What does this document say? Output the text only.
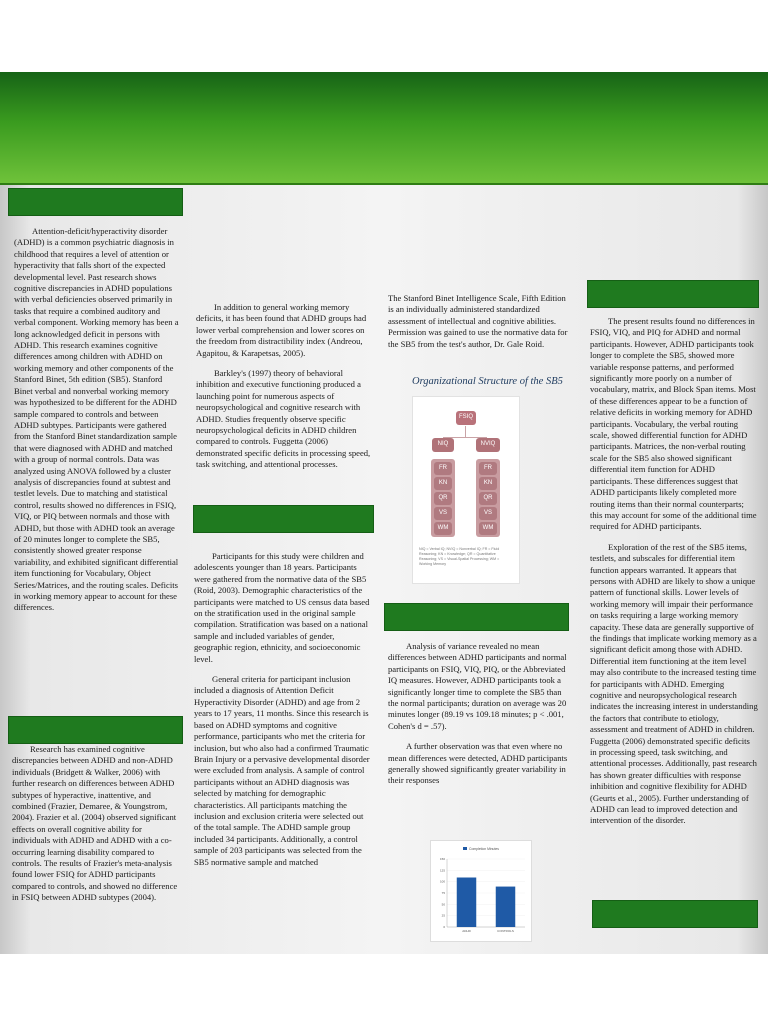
Attention-deficit/hyperactivity disorder (ADHD) is a common psychiatric diagnosis in childhood that requires a level of attention or hyperactivity that falls short of the expected developmental level. Past research shows cognitive discrepancies in ADHD populations with verbal deficiencies observed primarily in tasks that require a combined auditory and verbal component. Working memory has been a long acknowledged deficit in persons with ADHD. This research examines cognitive differences among children with ADHD on working memory and other components of the Stanford Binet, 5th edition (SB5). Stanford Binet verbal and nonverbal working memory was hypothesized to be different for the ADHD sample compared to controls and between ADHD subtypes. Participants were gathered from the Stanford Binet standardization sample that were diagnosed with ADHD and matched with a group of normal controls. Data was analyzed using ANOVA followed by a cluster analysis of discrepancies found at subtest and testlet levels. Due to matching and statistical control, results showed no differences in FSIQ, VIQ, or PIQ between normals and those with ADHD, but those with ADHD took an average of 20 minutes longer to complete the SB5, consistently showed greater response variability, and exhibited significant differential item functioning for Vocabulary, Object Series/Matrices, and the routing scales. Deficits in working memory appear to account for these differences.

Research has examined cognitive discrepancies between ADHD and non-ADHD individuals (Bridgett & Walker, 2006) with further research on differences between ADHD subtypes of hyperactive, inattentive, and combined (Frazier, Demaree, & Youngstrom, 2004). Frazier et al. (2004) observed significant effects on overall cognitive ability for individuals with ADHD and ADHD with a co-occurring learning disability compared to controls. The results of Frazier's meta-analysis found lower FSIQ for ADHD participants compared to controls, and showed no difference in FSIQ between ADHD subtypes (2004).

In addition to general working memory deficits, it has been found that ADHD groups had lower verbal comprehension and lower scores on the freedom from distractibility index (Andreou, Agapitou, & Karapetsas, 2005).

Barkley's (1997) theory of behavioral inhibition and executive functioning produced a launching point for numerous aspects of neuropsychological and cognitive research with ADHD. Studies frequently observe specific neuropsychological deficits in ADHD children compared to controls. Fuggetta (2006) demonstrated specific deficits in processing speed, task switching, and attentional processes.

Participants for this study were children and adolescents younger than 18 years. Participants were gathered from the normative data of the SB5 (Roid, 2003). Demographic characteristics of the participants were matched to US census data based on the stratification used in the original sample compilation. Stratification was based on a national sample and included variables of gender, geographic region, ethnicity, and socioeconomic level.

General criteria for participant inclusion included a diagnosis of Attention Deficit Hyperactivity Disorder (ADHD) and age from 2 years to 17 years, 11 months. Since this research is based on ADHD symptoms and cognitive performance, participants who met the criteria for inclusion, but who also had a confirmed Traumatic Brain Injury or a pervasive developmental disorder were excluded from analysis. A sample of control participants without an ADHD diagnosis was selected by matching for demographic characteristics. All participants matching the inclusion and exclusion criteria were selected out of the total sample. The ADHD sample group included 34 participants. Additionally, a control sample of 203 participants was selected from the SB5 normative sample and matched

The Stanford Binet Intelligence Scale, Fifth Edition is an individually administered standardized assessment of intellectual and cognitive abilities. Permission was gained to use the normative data for the SB5 from the test's author, Dr. Gale Roid.

Organizational Structure of the SB5
FSIQ
NIQ	NVIQ
FR
KN
QR
VS
WM
FR
KN
QR
VS
WM
NIQ = Verbal IQ; NVIQ = Nonverbal IQ; FR = Fluid Reasoning; KN = Knowledge; QR = Quantitative Reasoning; VS = Visual-Spatial Processing; WM = Working Memory

Analysis of variance revealed no mean differences between ADHD participants and normal participants on FSIQ, VIQ, PIQ, or the Abbreviated IQ measures. However, ADHD participants took a significantly longer time to complete the SB5 than the normal participants; duration on average was 20 minutes longer (89.19 vs 109.18 minutes; p < .001, Cohen's d = .57).

A further observation was that even where no mean differences were detected, ADHD participants generally showed significantly greater variability in their responses

Completion Minutes
150
125
100
75
50
25
0
ADHD	CONTROLS

The present results found no differences in FSIQ, VIQ, and PIQ for ADHD and normal participants. However, ADHD participants took longer to complete the SB5, showed more variable response patterns, and performed significantly more poorly on a number of vocabulary, matrix, and Block Span items. Most of these differences appear to be a function of relative deficits in working memory for ADHD participants. Vocabulary, the verbal routing scale, showed differential function for ADHD participants. Matrices, the non-verbal routing scale for the SB5 also showed significant differential item function for ADHD participants. These differences suggest that ADHD participants likely completed more routing items than their normal counterparts; this may account for some of the additional time required for ADHD participants.

Exploration of the rest of the SB5 items, testlets, and subscales for differential item function appears warranted. It appears that persons with ADHD are likely to show a unique pattern of functional skills. Lower levels of working memory will impair their performance on tasks requiring a large working memory capacity. These data are generally supportive of the findings that implicate working memory as a significant deficit among those with ADHD. Differential item functioning at the item level may also contribute to the increased testing time for participants with ADHD. Emerging cognitive and neuropsychological research indicates the increasing interest in understanding the factors that contribute to etiology, assessment and treatment of ADHD in children. Fuggetta (2006) demonstrated specific deficits in processing speed, task switching, and attentional processes. Additionally, past research has shown greater difficulties with response inhibition and cognitive flexibility for ADHD (Geurts et al., 2005). Further understanding of ADHD can lead to improved detection and intervention of the disorder.
